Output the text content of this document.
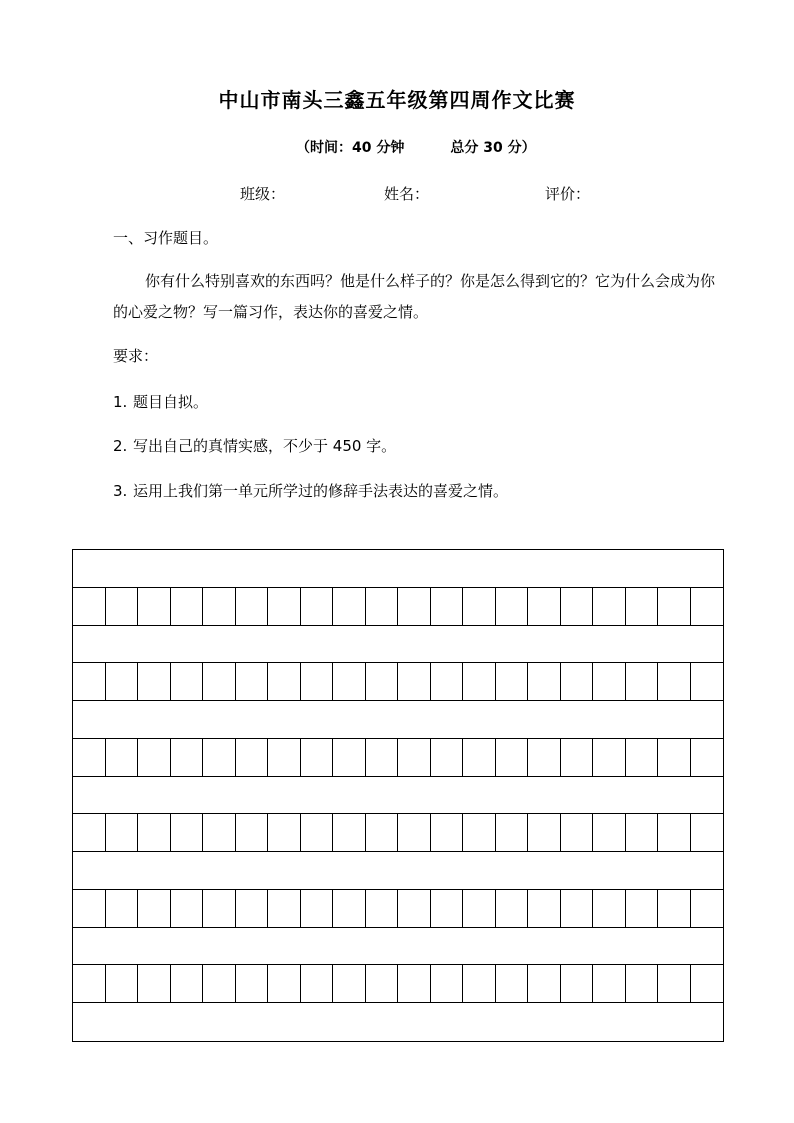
中山市南头三鑫五年级第四周作文比赛
（时间：40 分钟	总分 30 分）
班级：	姓名：	评价：
一、习作题目。
你有什么特别喜欢的东西吗？他是什么样子的？你是怎么得到它的？它为什么会成为你的心爱之物？写一篇习作，表达你的喜爱之情。
要求：
1. 题目自拟。
2. 写出自己的真情实感，不少于 450 字。
3. 运用上我们第一单元所学过的修辞手法表达的喜爱之情。
